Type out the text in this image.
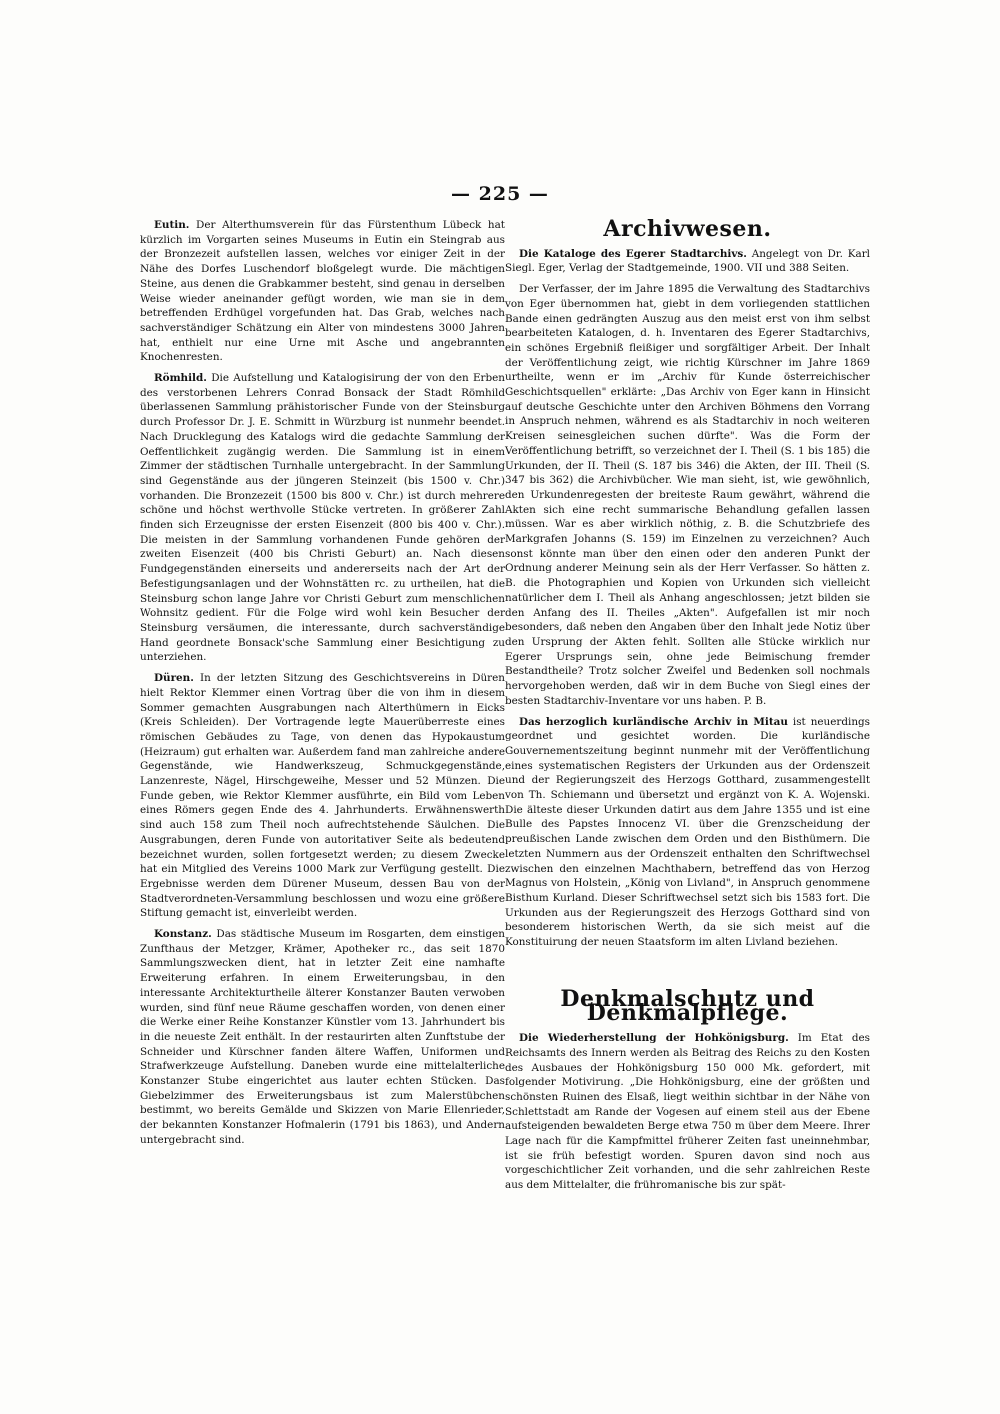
— 225 —

Eutin. Der Alterthumsverein für das Fürstenthum Lübeck hat kürzlich im Vorgarten seines Museums in Eutin ein Steingrab aus der Bronzezeit aufstellen lassen, welches vor einiger Zeit in der Nähe des Dorfes Luschendorf bloßgelegt wurde. Die mächtigen Steine, aus denen die Grabkammer besteht, sind genau in derselben Weise wieder aneinander gefügt worden, wie man sie in dem betreffenden Erdhügel vorgefunden hat. Das Grab, welches nach sachverständiger Schätzung ein Alter von mindestens 3000 Jahren hat, enthielt nur eine Urne mit Asche und angebrannten Knochenresten.

Römhild. Die Aufstellung und Katalogisirung der von den Erben des verstorbenen Lehrers Conrad Bonsack der Stadt Römhild überlassenen Sammlung prähistorischer Funde von der Steinsburg durch Professor Dr. J. E. Schmitt in Würzburg ist nunmehr beendet. Nach Drucklegung des Katalogs wird die gedachte Sammlung der Oeffentlichkeit zugängig werden. Die Sammlung ist in einem Zimmer der städtischen Turnhalle untergebracht. In der Sammlung sind Gegenstände aus der jüngeren Steinzeit (bis 1500 v. Chr.) vorhanden. Die Bronzezeit (1500 bis 800 v. Chr.) ist durch mehrere schöne und höchst werthvolle Stücke vertreten. In größerer Zahl finden sich Erzeugnisse der ersten Eisenzeit (800 bis 400 v. Chr.). Die meisten in der Sammlung vorhandenen Funde gehören der zweiten Eisenzeit (400 bis Christi Geburt) an. Nach diesen Fundgegenständen einerseits und andererseits nach der Art der Befestigungsanlagen und der Wohnstätten rc. zu urtheilen, hat die Steinsburg schon lange Jahre vor Christi Geburt zum menschlichen Wohnsitz gedient. Für die Folge wird wohl kein Besucher der Steinsburg versäumen, die interessante, durch sachverständige Hand geordnete Bonsack'sche Sammlung einer Besichtigung zu unterziehen.

Düren. In der letzten Sitzung des Geschichtsvereins in Düren hielt Rektor Klemmer einen Vortrag über die von ihm in diesem Sommer gemachten Ausgrabungen nach Alterthümern in Eicks (Kreis Schleiden). Der Vortragende legte Mauerüberreste eines römischen Gebäudes zu Tage, von denen das Hypokaustum (Heizraum) gut erhalten war. Außerdem fand man zahlreiche andere Gegenstände, wie Handwerkszeug, Schmuckgegenstände, Lanzenreste, Nägel, Hirschgeweihe, Messer und 52 Münzen. Die Funde geben, wie Rektor Klemmer ausführte, ein Bild vom Leben eines Römers gegen Ende des 4. Jahrhunderts. Erwähnenswerth sind auch 158 zum Theil noch aufrechtstehende Säulchen. Die Ausgrabungen, deren Funde von autoritativer Seite als bedeutend bezeichnet wurden, sollen fortgesetzt werden; zu diesem Zwecke hat ein Mitglied des Vereins 1000 Mark zur Verfügung gestellt. Die Ergebnisse werden dem Dürener Museum, dessen Bau von der Stadtverordneten-Versammlung beschlossen und wozu eine größere Stiftung gemacht ist, einverleibt werden.

Konstanz. Das städtische Museum im Rosgarten, dem einstigen Zunfthaus der Metzger, Krämer, Apotheker rc., das seit 1870 Sammlungszwecken dient, hat in letzter Zeit eine namhafte Erweiterung erfahren. In einem Erweiterungsbau, in den interessante Architekturtheile älterer Konstanzer Bauten verwoben wurden, sind fünf neue Räume geschaffen worden, von denen einer die Werke einer Reihe Konstanzer Künstler vom 13. Jahrhundert bis in die neueste Zeit enthält. In der restaurirten alten Zunftstube der Schneider und Kürschner fanden ältere Waffen, Uniformen und Strafwerkzeuge Aufstellung. Daneben wurde eine mittelalterliche Konstanzer Stube eingerichtet aus lauter echten Stücken. Das Giebelzimmer des Erweiterungsbaus ist zum Malerstübchen bestimmt, wo bereits Gemälde und Skizzen von Marie Ellenrieder, der bekannten Konstanzer Hofmalerin (1791 bis 1863), und Andern untergebracht sind.

Archivwesen.

Die Kataloge des Egerer Stadtarchivs. Angelegt von Dr. Karl Siegl. Eger, Verlag der Stadtgemeinde, 1900. VII und 388 Seiten.

Der Verfasser, der im Jahre 1895 die Verwaltung des Stadtarchivs von Eger übernommen hat, giebt in dem vorliegenden stattlichen Bande einen gedrängten Auszug aus den meist erst von ihm selbst bearbeiteten Katalogen, d. h. Inventaren des Egerer Stadtarchivs, ein schönes Ergebniß fleißiger und sorgfältiger Arbeit. Der Inhalt der Veröffentlichung zeigt, wie richtig Kürschner im Jahre 1869 urtheilte, wenn er im „Archiv für Kunde österreichischer Geschichtsquellen" erklärte: „Das Archiv von Eger kann in Hinsicht auf deutsche Geschichte unter den Archiven Böhmens den Vorrang in Anspruch nehmen, während es als Stadtarchiv in noch weiteren Kreisen seinesgleichen suchen dürfte". Was die Form der Veröffentlichung betrifft, so verzeichnet der I. Theil (S. 1 bis 185) die Urkunden, der II. Theil (S. 187 bis 346) die Akten, der III. Theil (S. 347 bis 362) die Archivbücher. Wie man sieht, ist, wie gewöhnlich, den Urkundenregesten der breiteste Raum gewährt, während die Akten sich eine recht summarische Behandlung gefallen lassen müssen. War es aber wirklich nöthig, z. B. die Schutzbriefe des Markgrafen Johanns (S. 159) im Einzelnen zu verzeichnen? Auch sonst könnte man über den einen oder den anderen Punkt der Ordnung anderer Meinung sein als der Herr Verfasser. So hätten z. B. die Photographien und Kopien von Urkunden sich vielleicht natürlicher dem I. Theil als Anhang angeschlossen; jetzt bilden sie den Anfang des II. Theiles „Akten". Aufgefallen ist mir noch besonders, daß neben den Angaben über den Inhalt jede Notiz über den Ursprung der Akten fehlt. Sollten alle Stücke wirklich nur Egerer Ursprungs sein, ohne jede Beimischung fremder Bestandtheile? Trotz solcher Zweifel und Bedenken soll nochmals hervorgehoben werden, daß wir in dem Buche von Siegl eines der besten Stadtarchiv-Inventare vor uns haben. P. B.

Das herzoglich kurländische Archiv in Mitau ist neuerdings geordnet und gesichtet worden. Die kurländische Gouvernementszeitung beginnt nunmehr mit der Veröffentlichung eines systematischen Registers der Urkunden aus der Ordenszeit und der Regierungszeit des Herzogs Gotthard, zusammengestellt von Th. Schiemann und übersetzt und ergänzt von K. A. Wojenski. Die älteste dieser Urkunden datirt aus dem Jahre 1355 und ist eine Bulle des Papstes Innocenz VI. über die Grenzscheidung der preußischen Lande zwischen dem Orden und den Bisthümern. Die letzten Nummern aus der Ordenszeit enthalten den Schriftwechsel zwischen den einzelnen Machthabern, betreffend das von Herzog Magnus von Holstein, „König von Livland", in Anspruch genommene Bisthum Kurland. Dieser Schriftwechsel setzt sich bis 1583 fort. Die Urkunden aus der Regierungszeit des Herzogs Gotthard sind von besonderem historischen Werth, da sie sich meist auf die Konstituirung der neuen Staatsform im alten Livland beziehen.

Denkmalschutz und Denkmalpflege.

Die Wiederherstellung der Hohkönigsburg. Im Etat des Reichsamts des Innern werden als Beitrag des Reichs zu den Kosten des Ausbaues der Hohkönigsburg 150 000 Mk. gefordert, mit folgender Motivirung. „Die Hohkönigsburg, eine der größten und schönsten Ruinen des Elsaß, liegt weithin sichtbar in der Nähe von Schlettstadt am Rande der Vogesen auf einem steil aus der Ebene aufsteigenden bewaldeten Berge etwa 750 m über dem Meere. Ihrer Lage nach für die Kampfmittel früherer Zeiten fast uneinnehmbar, ist sie früh befestigt worden. Spuren davon sind noch aus vorgeschichtlicher Zeit vorhanden, und die sehr zahlreichen Reste aus dem Mittelalter, die frühromanische bis zur spät-
